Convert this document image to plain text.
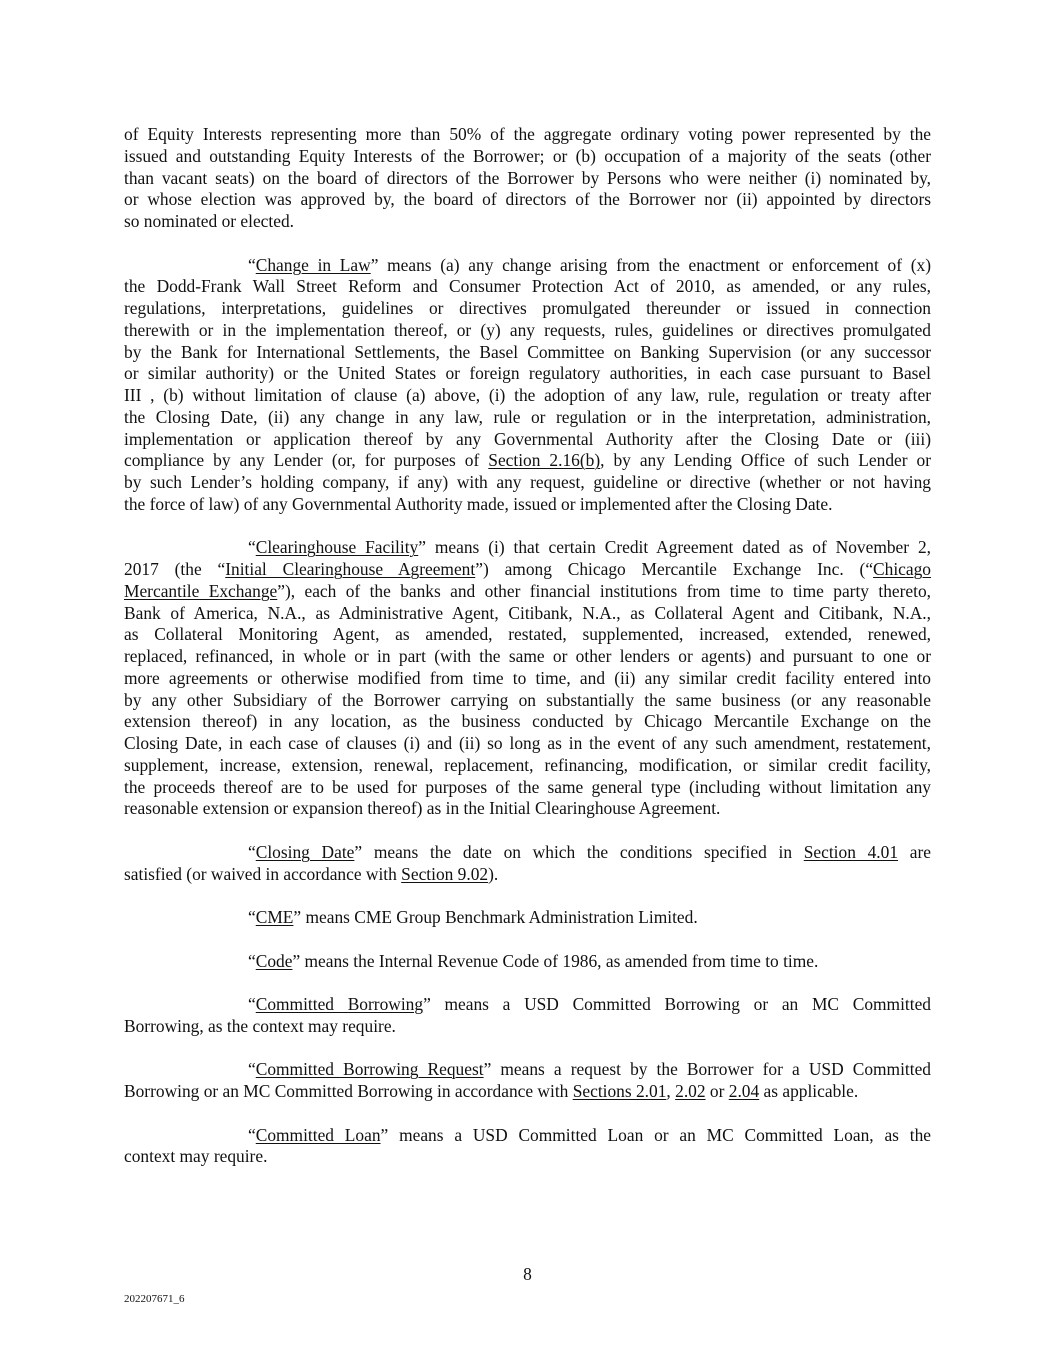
of Equity Interests representing more than 50% of the aggregate ordinary voting power represented by the
issued and outstanding Equity Interests of the Borrower; or (b) occupation of a majority of the seats (other
than vacant seats) on the board of directors of the Borrower by Persons who were neither (i) nominated by,
or whose election was approved by, the board of directors of the Borrower nor (ii) appointed by directors
so nominated or elected.
“Change in Law” means (a) any change arising from the enactment or enforcement of (x)
the Dodd-Frank Wall Street Reform and Consumer Protection Act of 2010, as amended, or any rules,
regulations, interpretations, guidelines or directives promulgated thereunder or issued in connection
therewith or in the implementation thereof, or (y) any requests, rules, guidelines or directives promulgated
by the Bank for International Settlements, the Basel Committee on Banking Supervision (or any successor
or similar authority) or the United States or foreign regulatory authorities, in each case pursuant to Basel
III , (b) without limitation of clause (a) above, (i) the adoption of any law, rule, regulation or treaty after
the Closing Date, (ii) any change in any law, rule or regulation or in the interpretation, administration,
implementation or application thereof by any Governmental Authority after the Closing Date or (iii)
compliance by any Lender (or, for purposes of Section 2.16(b), by any Lending Office of such Lender or
by such Lender’s holding company, if any) with any request, guideline or directive (whether or not having
the force of law) of any Governmental Authority made, issued or implemented after the Closing Date.
“Clearinghouse Facility” means (i) that certain Credit Agreement dated as of November 2,
2017 (the “Initial Clearinghouse Agreement”) among Chicago Mercantile Exchange Inc. (“Chicago
Mercantile Exchange”), each of the banks and other financial institutions from time to time party thereto,
Bank of America, N.A., as Administrative Agent, Citibank, N.A., as Collateral Agent and Citibank, N.A.,
as Collateral Monitoring Agent, as amended, restated, supplemented, increased, extended, renewed,
replaced, refinanced, in whole or in part (with the same or other lenders or agents) and pursuant to one or
more agreements or otherwise modified from time to time, and (ii) any similar credit facility entered into
by any other Subsidiary of the Borrower carrying on substantially the same business (or any reasonable
extension thereof) in any location, as the business conducted by Chicago Mercantile Exchange on the
Closing Date, in each case of clauses (i) and (ii) so long as in the event of any such amendment, restatement,
supplement, increase, extension, renewal, replacement, refinancing, modification, or similar credit facility,
the proceeds thereof are to be used for purposes of the same general type (including without limitation any
reasonable extension or expansion thereof) as in the Initial Clearinghouse Agreement.
“Closing Date” means the date on which the conditions specified in Section 4.01 are
satisfied (or waived in accordance with Section 9.02).
“CME” means CME Group Benchmark Administration Limited.
“Code” means the Internal Revenue Code of 1986, as amended from time to time.
“Committed Borrowing” means a USD Committed Borrowing or an MC Committed
Borrowing, as the context may require.
“Committed Borrowing Request” means a request by the Borrower for a USD Committed
Borrowing or an MC Committed Borrowing in accordance with Sections 2.01, 2.02 or 2.04 as applicable.
“Committed Loan” means a USD Committed Loan or an MC Committed Loan, as the
context may require.
8
202207671_6
